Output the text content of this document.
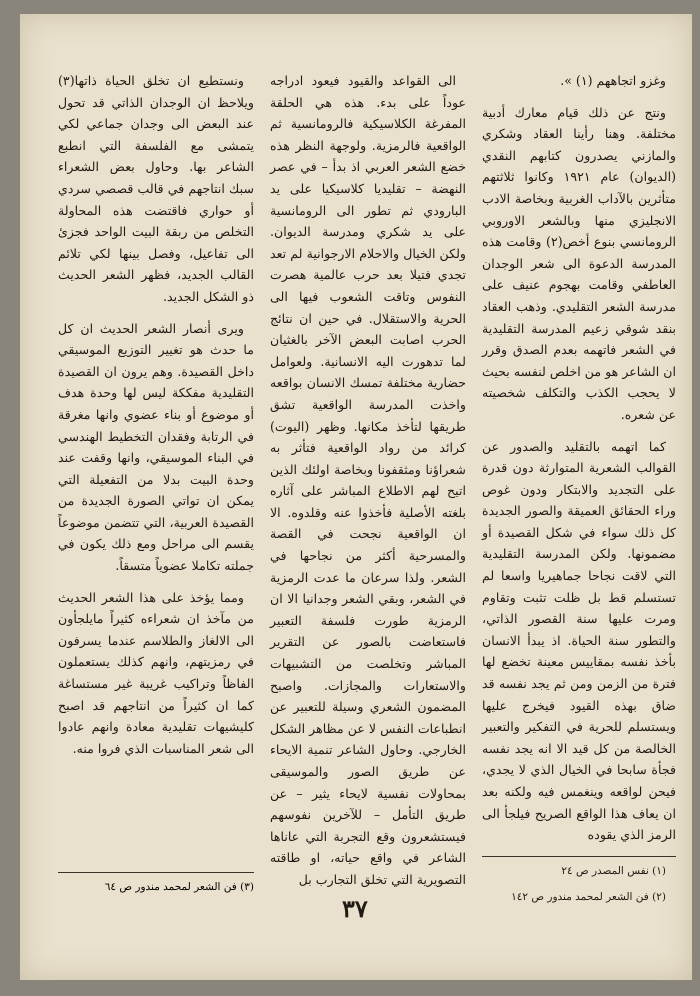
وغزو اتجاههم (١) ».

ونتج عن ذلك قيام معارك أدبية مختلفة. وهنا رأينا العقاد وشكري والمازني يصدرون كتابهم النقدي (الديوان) عام ١٩٢١ وكانوا ثلاثتهم متأثرين بالآداب الغربية وبخاصة الادب الانجليزي منها وبالشعر الاوروبي الرومانسي بنوع أخص(٢) وقامت هذه المدرسة الدعوة الى شعر الوجدان العاطفي وقامت بهجوم عنيف على مدرسة الشعر التقليدي. وذهب العقاد بنقد شوقي زعيم المدرسة التقليدية في الشعر فاتهمه بعدم الصدق وقرر ان الشاعر هو من اخلص لنفسه بحيث لا يحجب الكذب والتكلف شخصيته عن شعره.

كما اتهمه بالتقليد والصدور عن القوالب الشعرية المتوارثة دون قدرة على التجديد والابتكار ودون غوص وراء الحقائق العميقة والصور الجديدة كل ذلك سواء في شكل القصيدة أو مضمونها. ولكن المدرسة التقليدية التي لاقت نجاحا جماهيريا واسعا لم تستسلم قط بل ظلت تثبت وتقاوم ومرت عليها سنة القصور الذاتي، والتطور سنة الحياة. اذ يبدأ الانسان بأخذ نفسه بمقاييس معينة تخضع لها فترة من الزمن ومن ثم يجد نفسه قد ضاق بهذه القيود فيخرج عليها ويستسلم للحرية في التفكير والتعبير الخالصة من كل قيد الا انه يجد نفسه فجأة سابحا في الخيال الذي لا يجدي، فيحن لواقعه وينغمس فيه ولكنه بعد ان يعاف هذا الواقع الصريح فيلجأ الى الرمز الذي يقوده

(١) نفس المصدر ص ٢٤

(٢) فن الشعر لمحمد مندور ص ١٤٢

الى القواعد والقيود فيعود ادراجه عوداً على بدء. هذه هي الحلقة المفرغة الكلاسيكية فالرومانسية ثم الواقعية فالرمزية. ولوجهة النظر هذه خضع الشعر العربي اذ بدأ – في عصر النهضة – تقليديا كلاسيكيا على يد البارودي ثم تطور الى الرومانسية على يد شكري ومدرسة الديوان. ولكن الخيال والاحلام الارجوانية لم تعد تجدي فتيلا بعد حرب عالمية هصرت النفوس وتاقت الشعوب فيها الى الحرية والاستقلال. في حين ان نتائج الحرب اصابت البعض الآخر بالغثيان لما تدهورت اليه الانسانية. ولعوامل حضارية مختلفة تمسك الانسان بواقعه واخذت المدرسة الواقعية تشق طريقها لتأخذ مكانها. وظهر (اليوت) كرائد من رواد الواقعية فتأثر به شعراؤنا ومثقفونا وبخاصة اولئك الذين اتيح لهم الاطلاع المباشر على آثاره بلغته الأصلية فأخذوا عنه وقلدوه. الا ان الواقعية نجحت في القصة والمسرحية أكثر من نجاحها في الشعر. ولذا سرعان ما عدت الرمزية في الشعر، وبقي الشعر وجدانيا الا ان الرمزية طورت فلسفة التعبير فاستعاضت بالصور عن التقرير المباشر وتخلصت من التشبيهات والاستعارات والمجازات. واصبح المضمون الشعري وسيلة للتعبير عن انطباعات النفس لا عن مظاهر الشكل الخارجي. وحاول الشاعر تنمية الايحاء عن طريق الصور والموسيقى بمحاولات نفسية لايحاء يثير – عن طريق التأمل – للآخرين نفوسهم فيستشعرون وقع التجربة التي عاناها الشاعر في واقع حياته، او طاقته التصويرية التي تخلق التجارب بل

ونستطيع ان تخلق الحياة ذاتها(٣) ويلاحظ ان الوجدان الذاتي قد تحول عند البعض الى وجدان جماعي لكي يتمشى مع الفلسفة التي انطبع الشاعر بها. وحاول بعض الشعراء سبك انتاجهم في قالب قصصي سردي أو حواري فاقتضت هذه المحاولة التخلص من ربقة البيت الواحد فجزئ الى تفاعيل، وفصل بينها لكي تلائم القالب الجديد، فظهر الشعر الحديث ذو الشكل الجديد.

ويرى أنصار الشعر الحديث ان كل ما حدث هو تغيير التوزيع الموسيقي داخل القصيدة. وهم يرون ان القصيدة التقليدية مفككة ليس لها وحدة هدف أو موضوع أو بناء عضوي وانها مغرقة في الرتابة وفقدان التخطيط الهندسي في البناء الموسيقي، وانها وقفت عند وحدة البيت بدلا من التفعيلة التي يمكن ان تواتي الصورة الجديدة من القصيدة العربية، التي تتضمن موضوعاً يقسم الى مراحل ومع ذلك يكون في جملته تكاملا عضوياً متسقاً.

ومما يؤخذ على هذا الشعر الحديث من مآخذ ان شعراءه كثيراً مايلجأون الى الالغاز والطلاسم عندما يسرفون في رمزيتهم، وانهم كذلك يستعملون الفاظاً وتراكيب غريبة غير مستساغة كما ان كثيراً من انتاجهم قد اصبح كليشيهات تقليدية معادة وانهم عادوا الى شعر المناسبات الذي فروا منه.

(٣) فن الشعر لمحمد مندور ص ٦٤

٣٧
